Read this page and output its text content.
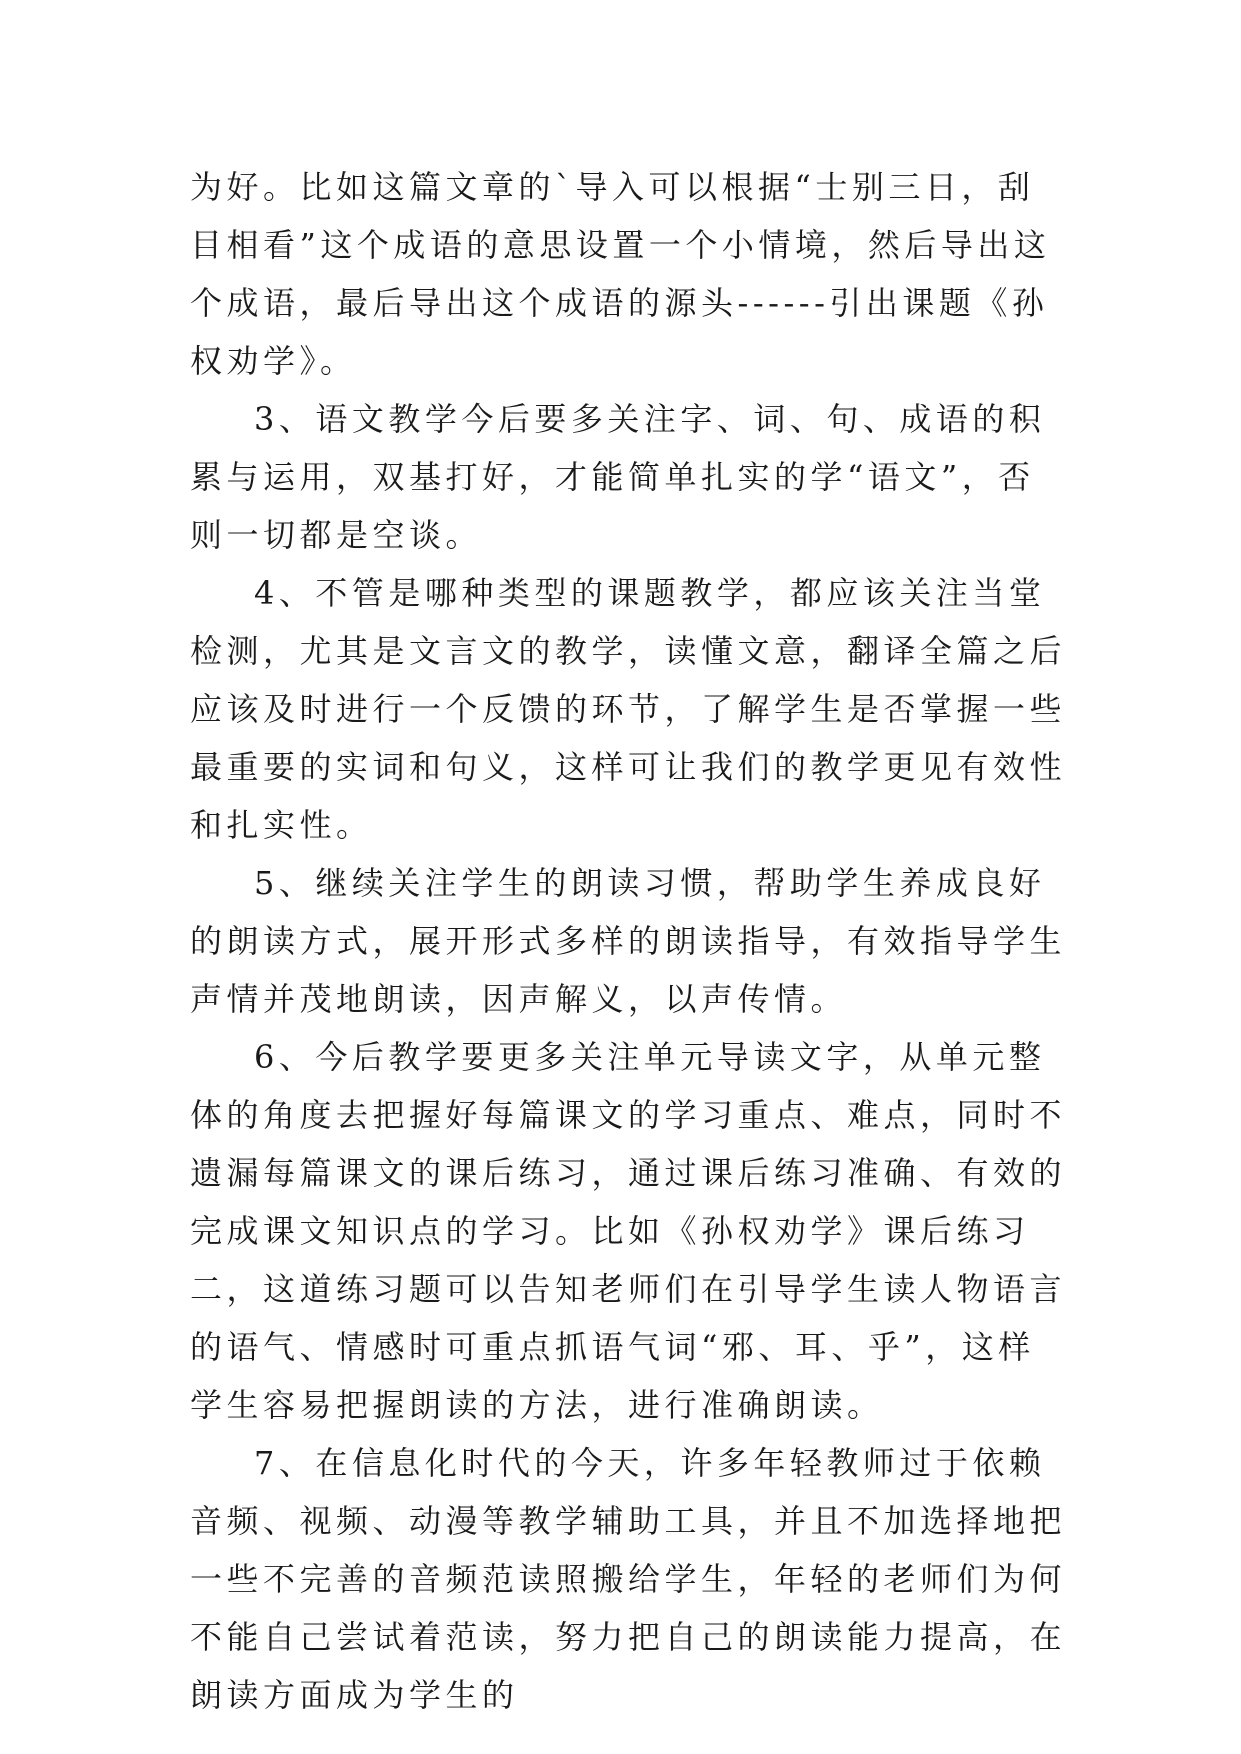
为好。比如这篇文章的`导入可以根据“士别三日，刮目相看”这个成语的意思设置一个小情境，然后导出这个成语，最后导出这个成语的源头------引出课题《孙权劝学》。

3、语文教学今后要多关注字、词、句、成语的积累与运用，双基打好，才能简单扎实的学“语文”，否则一切都是空谈。

4、不管是哪种类型的课题教学，都应该关注当堂检测，尤其是文言文的教学，读懂文意，翻译全篇之后应该及时进行一个反馈的环节，了解学生是否掌握一些最重要的实词和句义，这样可让我们的教学更见有效性和扎实性。

5、继续关注学生的朗读习惯，帮助学生养成良好的朗读方式，展开形式多样的朗读指导，有效指导学生声情并茂地朗读，因声解义，以声传情。

6、今后教学要更多关注单元导读文字，从单元整体的角度去把握好每篇课文的学习重点、难点，同时不遗漏每篇课文的课后练习，通过课后练习准确、有效的完成课文知识点的学习。比如《孙权劝学》课后练习二，这道练习题可以告知老师们在引导学生读人物语言的语气、情感时可重点抓语气词“邪、耳、乎”，这样学生容易把握朗读的方法，进行准确朗读。

7、在信息化时代的今天，许多年轻教师过于依赖音频、视频、动漫等教学辅助工具，并且不加选择地把一些不完善的音频范读照搬给学生，年轻的老师们为何不能自己尝试着范读，努力把自己的朗读能力提高，在朗读方面成为学生的
